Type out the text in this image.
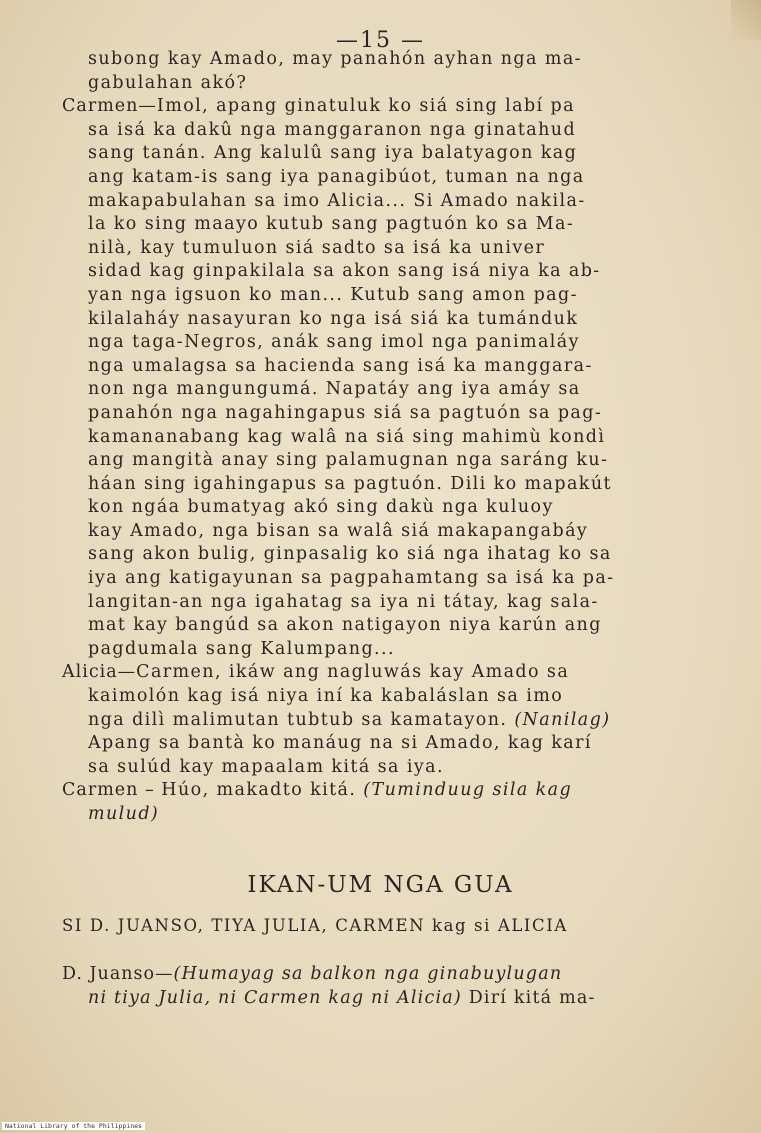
—15 —
subong kay Amado, may panahón ayhan nga ma-
gabulahan akó?
Carmen—Imol, apang ginatuluk ko siá sing labí pa
sa isá ka dakû nga manggaranon nga ginatahud
sang tanán. Ang kalulû sang iya balatyagon kag
ang katam-is sang iya panagibúot, tuman na nga
makapabulahan sa imo Alicia... Si Amado nakila-
la ko sing maayo kutub sang pagtuón ko sa Ma-
nilà, kay tumuluon siá sadto sa isá ka univer
sidad kag ginpakilala sa akon sang isá niya ka ab-
yan nga igsuon ko man... Kutub sang amon pag-
kilalaháy nasayuran ko nga isá siá ka tumánduk
nga taga-Negros, anák sang imol nga panimaláy
nga umalagsa sa hacienda sang isá ka manggara-
non nga mangungumá. Napatáy ang iya amáy sa
panahón nga nagahingapus siá sa pagtuón sa pag-
kamananabang kag walâ na siá sing mahimù kondì
ang mangità anay sing palamugnan nga saráng ku-
háan sing igahingapus sa pagtuón. Dili ko mapakút
kon ngáa bumatyag akó sing dakù nga kuluoy
kay Amado, nga bisan sa walâ siá makapangabáy
sang akon bulig, ginpasalig ko siá nga ihatag ko sa
iya ang katigayunan sa pagpahamtang sa isá ka pa-
langitan-an nga igahatag sa iya ni tátay, kag sala-
mat kay bangúd sa akon natigayon niya karún ang
pagdumala sang Kalumpang...
Alicia—Carmen, ikáw ang nagluwás kay Amado sa
kaimolón kag isá niya iní ka kabaláslan sa imo
nga dilì malimutan tubtub sa kamatayon. (Nanilag)
Apang sa bantà ko manáug na si Amado, kag karí
sa sulúd kay mapaalam kitá sa iya.
Carmen – Húo, makadto kitá. (Tuminduug sila kag
mulud)
IKAN-UM NGA GUA
SI D. JUANSO, TIYA JULIA, CARMEN kag si ALICIA
D. Juanso—(Humayag sa balkon nga ginabuylugan
ni tiya Julia, ni Carmen kag ni Alicia) Dirí kitá ma-
National Library of the Philippines
